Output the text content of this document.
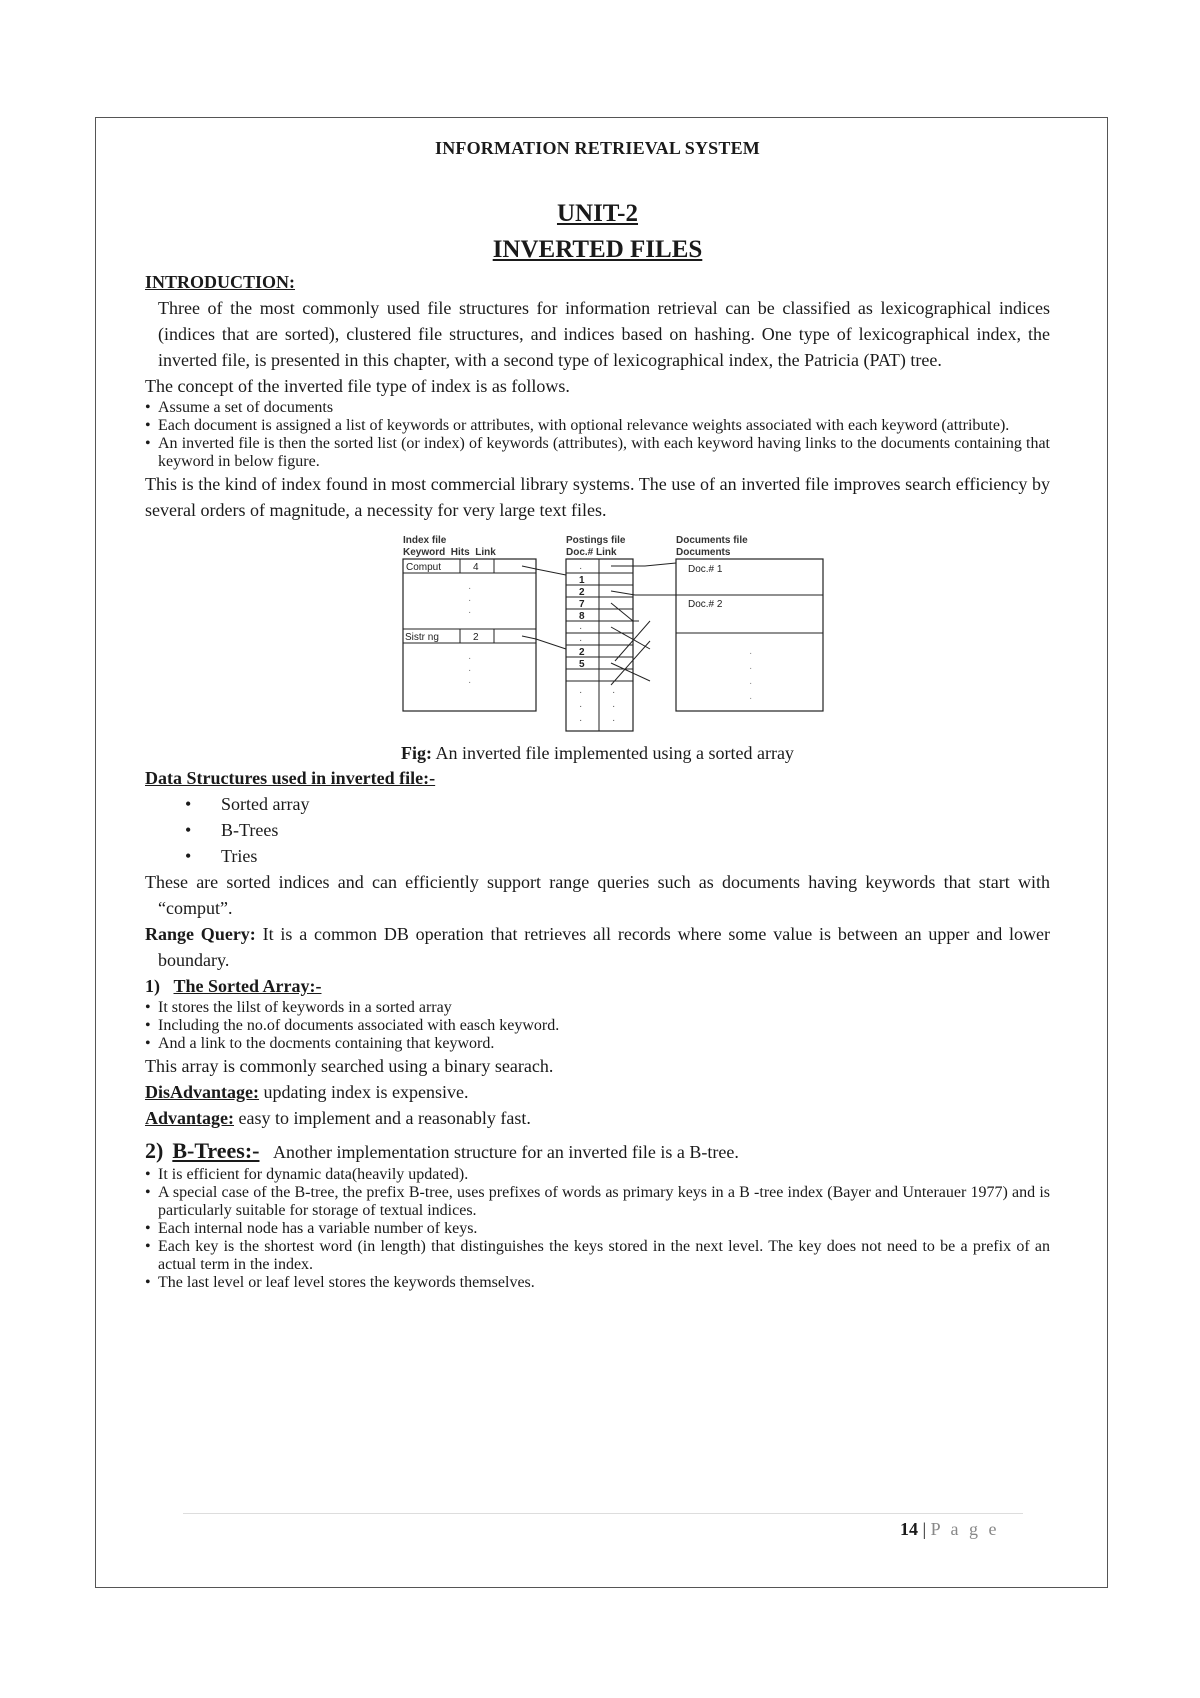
INFORMATION RETRIEVAL SYSTEM
UNIT-2
INVERTED FILES
INTRODUCTION:

Three of the most commonly used file structures for information retrieval can be classified as lexicographical indices (indices that are sorted), clustered file structures, and indices based on hashing. One type of lexicographical index, the inverted file, is presented in this chapter, with a second type of lexicographical index, the Patricia (PAT) tree.

The concept of the inverted file type of index is as follows.

• Assume a set of documents
• Each document is assigned a list of keywords or attributes, with optional relevance weights associated with each keyword (attribute).
• An inverted file is then the sorted list (or index) of keywords (attributes), with each keyword having links to the documents containing that keyword in below figure.

This is the kind of index found in most commercial library systems. The use of an inverted file improves search efficiency by several orders of magnitude, a necessity for very large text files.

Index file
Keyword  Hits  Link
Comput	4
Sistr ng	2
·
·
·
·
·
·
Postings file
Doc.# Link
1
2
7
8
2
5
·
·
·
·
·
·
·
·
·
Documents file
Documents
Doc.# 1
Doc.# 2
·
·
·
·
Fig: An inverted file implemented using a sorted array
Data Structures used in inverted file:-
•	Sorted array
•	B-Trees
•	Tries

These are sorted indices and can efficiently support range queries such as documents having keywords that start with “comput”.

Range Query: It is a common DB operation that retrieves all records where some value is between an upper and lower boundary.

1) The Sorted Array:-
• It stores the lilst of keywords in a sorted array
• Including the no.of documents associated with easch keyword.
• And a link to the docments containing that keyword.

This array is commonly searched using a binary searach.

DisAdvantage: updating index is expensive.

Advantage: easy to implement and a reasonably fast.

2) B-Trees:- Another implementation structure for an inverted file is a B-tree.
• It is efficient for dynamic data(heavily updated).
• A special case of the B-tree, the prefix B-tree, uses prefixes of words as primary keys in a B -tree index (Bayer and Unterauer 1977) and is particularly suitable for storage of textual indices.
• Each internal node has a variable number of keys.
• Each key is the shortest word (in length) that distinguishes the keys stored in the next level. The key does not need to be a prefix of an actual term in the index.
• The last level or leaf level stores the keywords themselves.
14 | P a g e
